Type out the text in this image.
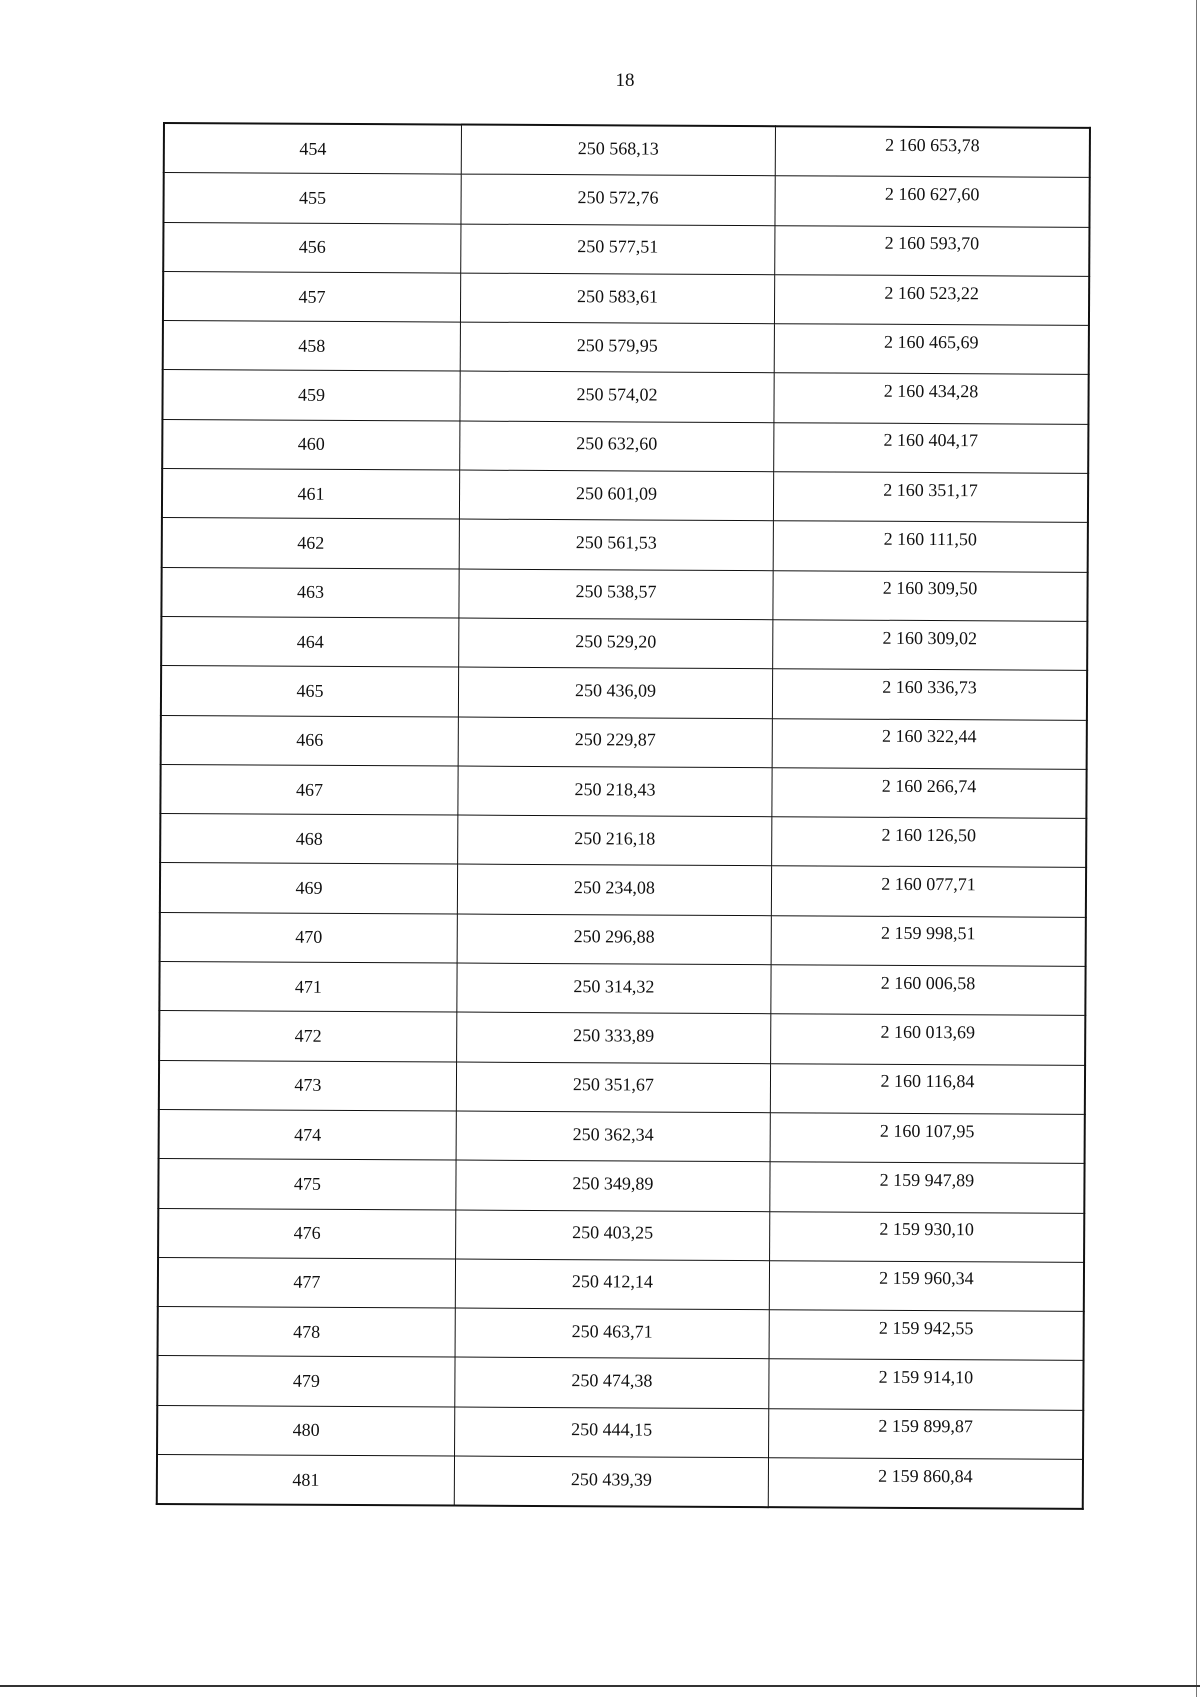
18
454	250 568,13	2 160 653,78
455	250 572,76	2 160 627,60
456	250 577,51	2 160 593,70
457	250 583,61	2 160 523,22
458	250 579,95	2 160 465,69
459	250 574,02	2 160 434,28
460	250 632,60	2 160 404,17
461	250 601,09	2 160 351,17
462	250 561,53	2 160 111,50
463	250 538,57	2 160 309,50
464	250 529,20	2 160 309,02
465	250 436,09	2 160 336,73
466	250 229,87	2 160 322,44
467	250 218,43	2 160 266,74
468	250 216,18	2 160 126,50
469	250 234,08	2 160 077,71
470	250 296,88	2 159 998,51
471	250 314,32	2 160 006,58
472	250 333,89	2 160 013,69
473	250 351,67	2 160 116,84
474	250 362,34	2 160 107,95
475	250 349,89	2 159 947,89
476	250 403,25	2 159 930,10
477	250 412,14	2 159 960,34
478	250 463,71	2 159 942,55
479	250 474,38	2 159 914,10
480	250 444,15	2 159 899,87
481	250 439,39	2 159 860,84
